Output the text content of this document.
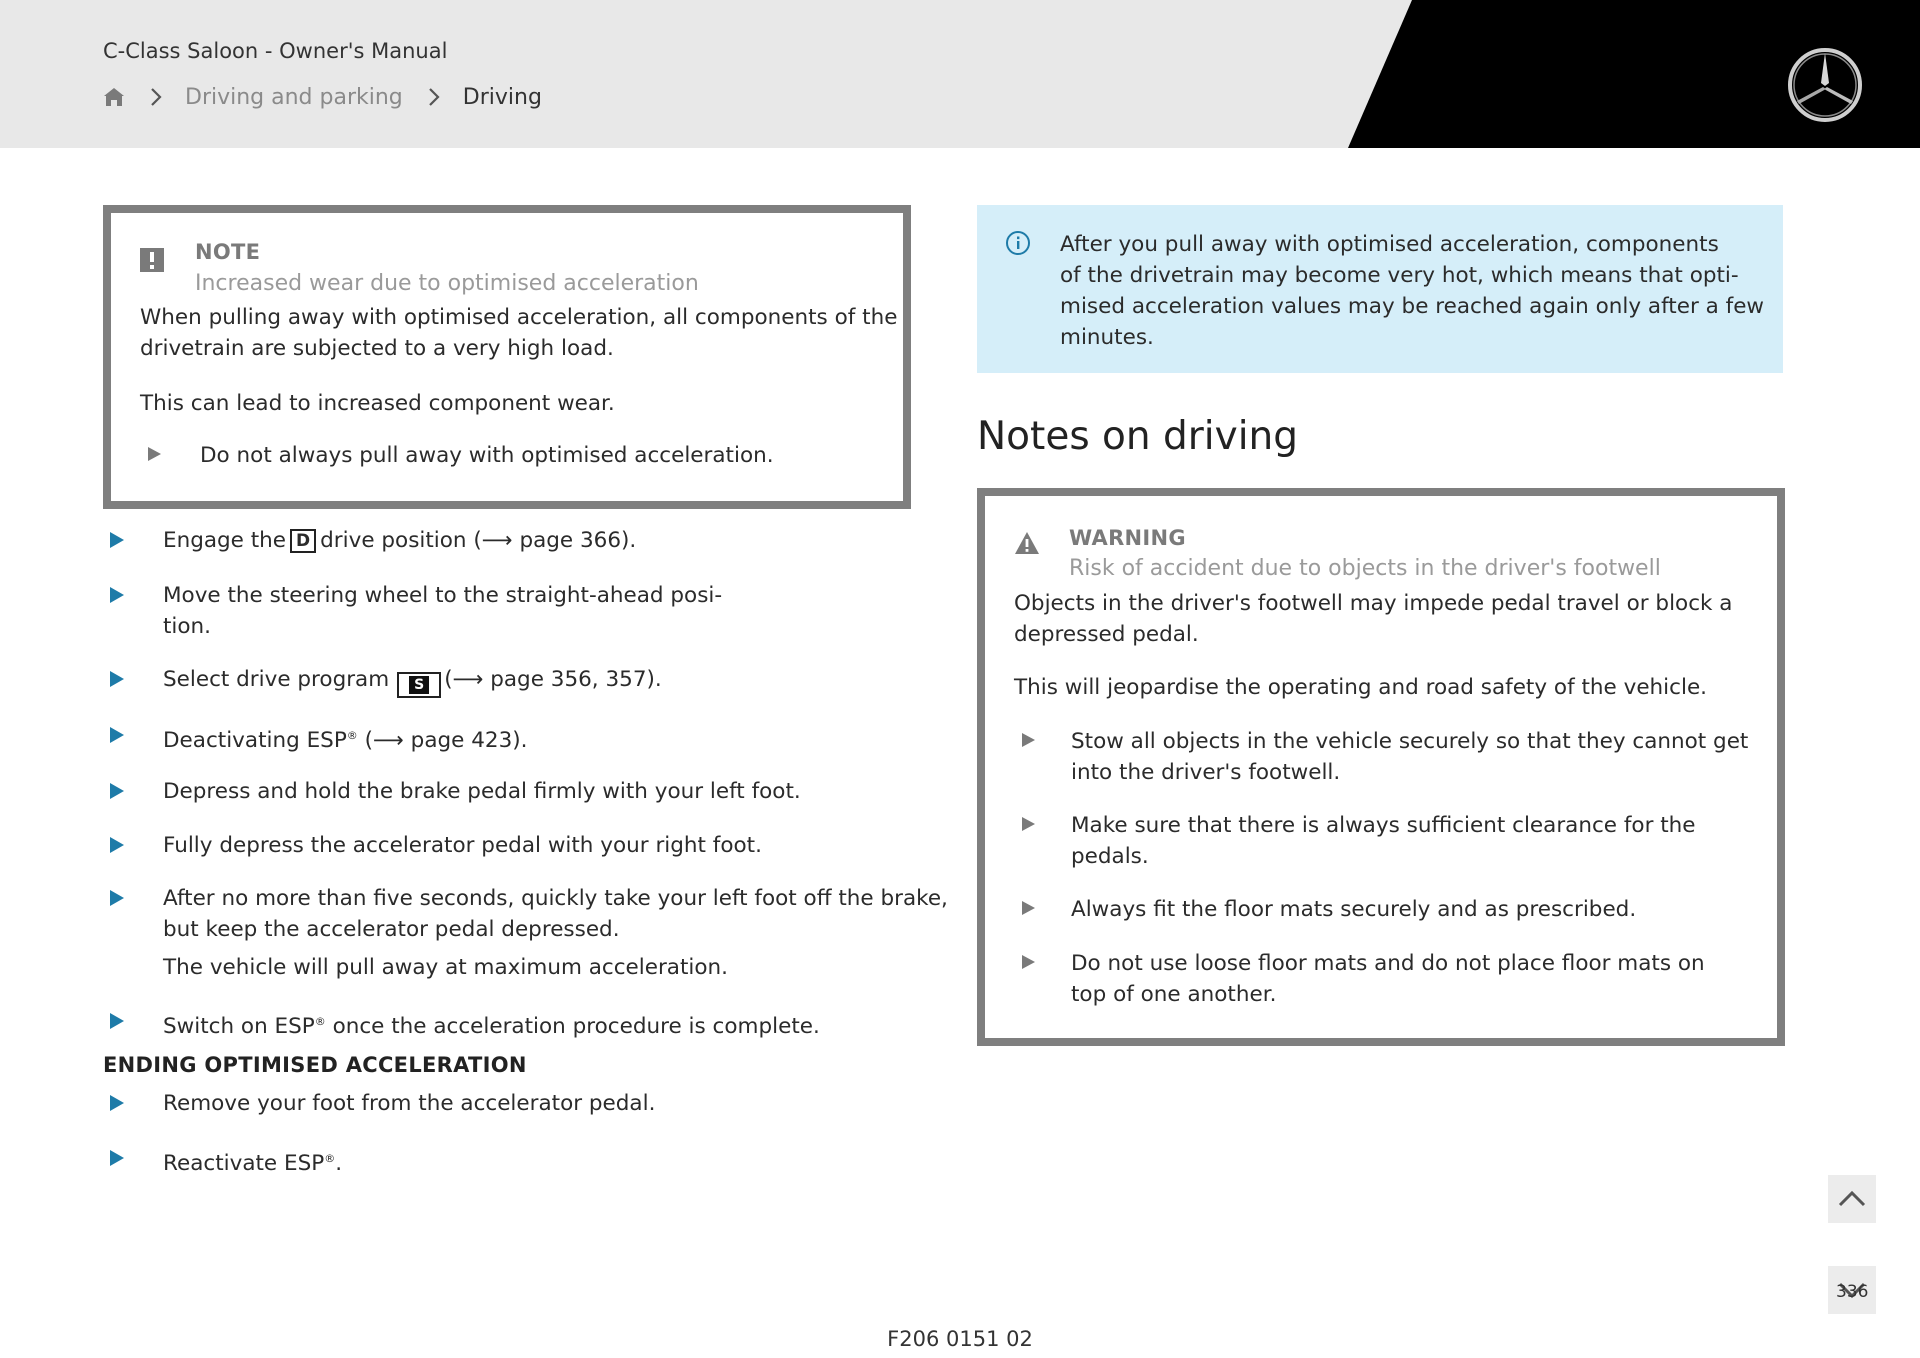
C-Class Saloon - Owner's Manual
Driving and parking	Driving
NOTE
Increased wear due to optimised acceleration
When pulling away with optimised acceleration, all components of the
drivetrain are subjected to a very high load.
This can lead to increased component wear.
Do not always pull away with optimised acceleration.
Engage the D drive position (⟶ page 366).
Move the steering wheel to the straight-ahead posi-
tion.
Select drive program	S (⟶ page 356, 357).
Deactivating ESP® (⟶ page 423).
Depress and hold the brake pedal firmly with your left foot.
Fully depress the accelerator pedal with your right foot.
After no more than five seconds, quickly take your left foot off the brake,
but keep the accelerator pedal depressed.
The vehicle will pull away at maximum acceleration.
Switch on ESP® once the acceleration procedure is complete.
ENDING OPTIMISED ACCELERATION
Remove your foot from the accelerator pedal.
Reactivate ESP®.
After you pull away with optimised acceleration, components
of the drivetrain may become very hot, which means that opti-
mised acceleration values may be reached again only after a few
minutes.
Notes on driving
WARNING
Risk of accident due to objects in the driver's footwell
Objects in the driver's footwell may impede pedal travel or block a
depressed pedal.
This will jeopardise the operating and road safety of the vehicle.
Stow all objects in the vehicle securely so that they cannot get
into the driver's footwell.
Make sure that there is always sufficient clearance for the
pedals.
Always fit the floor mats securely and as prescribed.
Do not use loose floor mats and do not place floor mats on
top of one another.
336
F206 0151 02
